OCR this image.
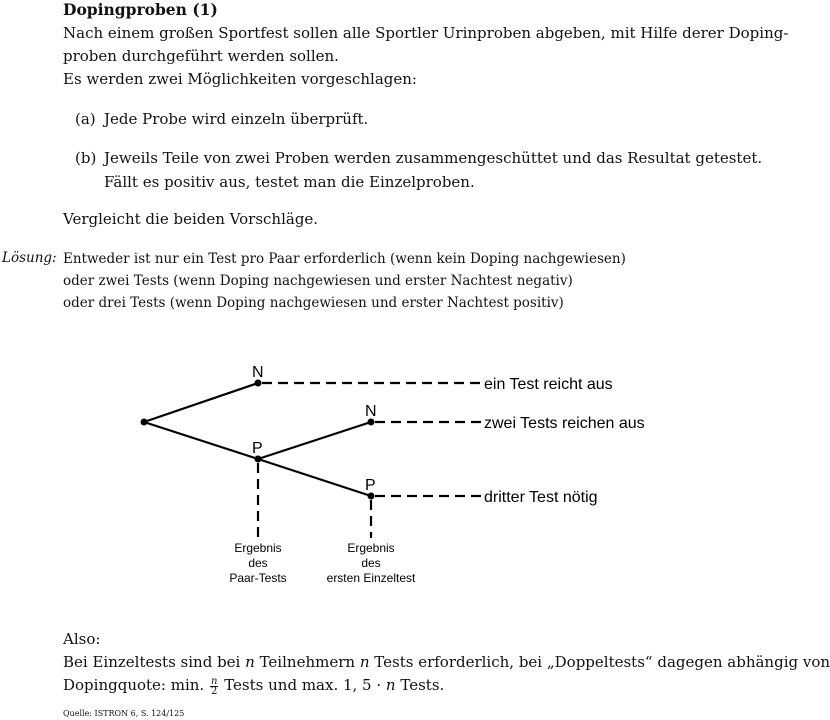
Dopingproben (1)
Nach einem großen Sportfest sollen alle Sportler Urinproben abgeben, mit Hilfe derer Doping-
proben durchgeführt werden sollen.
Es werden zwei Möglichkeiten vorgeschlagen:
(a) Jede Probe wird einzeln überprüft.
(b) Jeweils Teile von zwei Proben werden zusammengeschüttet und das Resultat getestet.
Fällt es positiv aus, testet man die Einzelproben.
Vergleicht die beiden Vorschläge.
Lösung: Entweder ist nur ein Test pro Paar erforderlich (wenn kein Doping nachgewiesen)
oder zwei Tests (wenn Doping nachgewiesen und erster Nachtest negativ)
oder drei Tests (wenn Doping nachgewiesen und erster Nachtest positiv)
N
P
N
P
ein Test reicht aus
zwei Tests reichen aus
dritter Test nötig
Ergebnis
des
Paar-Tests
Ergebnis
des
ersten Einzeltest
Also:
Bei Einzeltests sind bei n Teilnehmern n Tests erforderlich, bei „Doppeltests“ dagegen abhängig von
Dopingquote: min. $\frac{n}{2}$ Tests und max. 1, 5 · n Tests.
Quelle: ISTRON 6, S. 124/125
